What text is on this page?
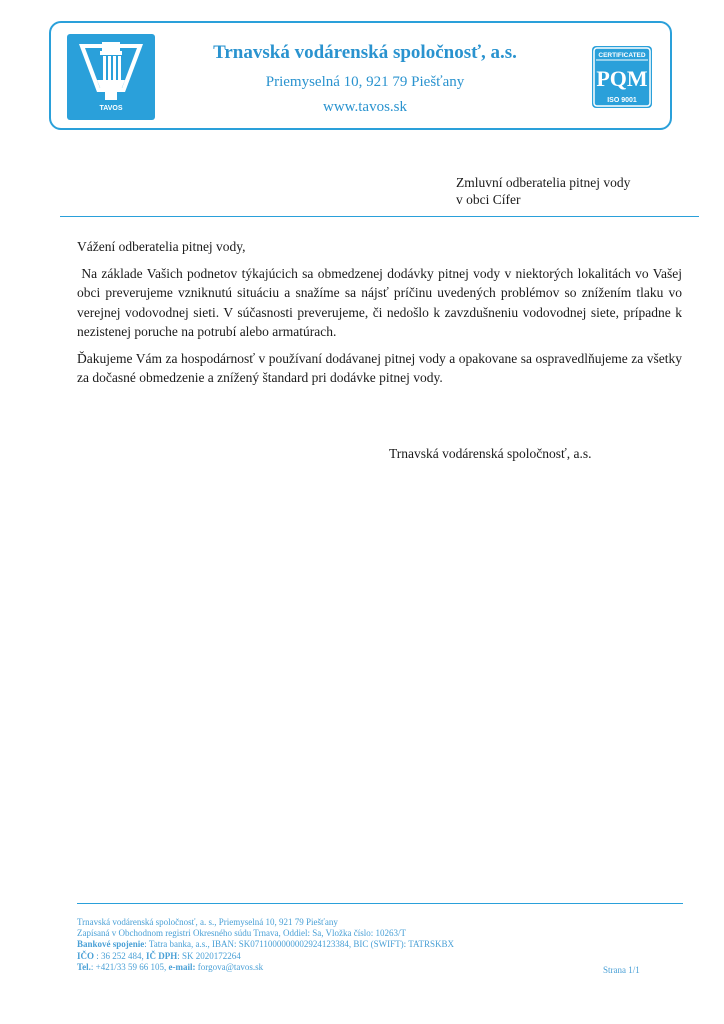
TAVOS
Trnavská vodárenská spoločnosť, a.s.
Priemyselná 10, 921 79 Piešťany
www.tavos.sk
CERTIFICATED
PQM
ISO 9001
Zmluvní odberatelia pitnej vody
v obci Cífer

Vážení odberatelia pitnej vody,

Na základe Vašich podnetov týkajúcich sa obmedzenej dodávky pitnej vody v niektorých lokalitách vo Vašej obci preverujeme vzniknutú situáciu a snažíme sa nájsť príčinu uvedených problémov so znížením tlaku vo verejnej vodovodnej sieti. V súčasnosti preverujeme, či nedošlo k zavzdušneniu vodovodnej siete, prípadne k nezistenej poruche na potrubí alebo armatúrach.

Ďakujeme Vám za hospodárnosť v používaní dodávanej pitnej vody a opakovane sa ospravedlňujeme za všetky za dočasné obmedzenie a znížený štandard pri dodávke pitnej vody.

Trnavská vodárenská spoločnosť, a.s.
Trnavská vodárenská spoločnosť, a. s., Priemyselná 10, 921 79 Piešťany
Zapísaná v Obchodnom registri Okresného súdu Trnava, Oddiel: Sa, Vložka číslo: 10263/T
Bankové spojenie: Tatra banka, a.s., IBAN: SK0711000000002924123384, BIC (SWIFT): TATRSKBX
IČO : 36 252 484, IČ DPH: SK 2020172264
Tel.: +421/33 59 66 105, e-mail: forgova@tavos.sk	Strana 1/1
